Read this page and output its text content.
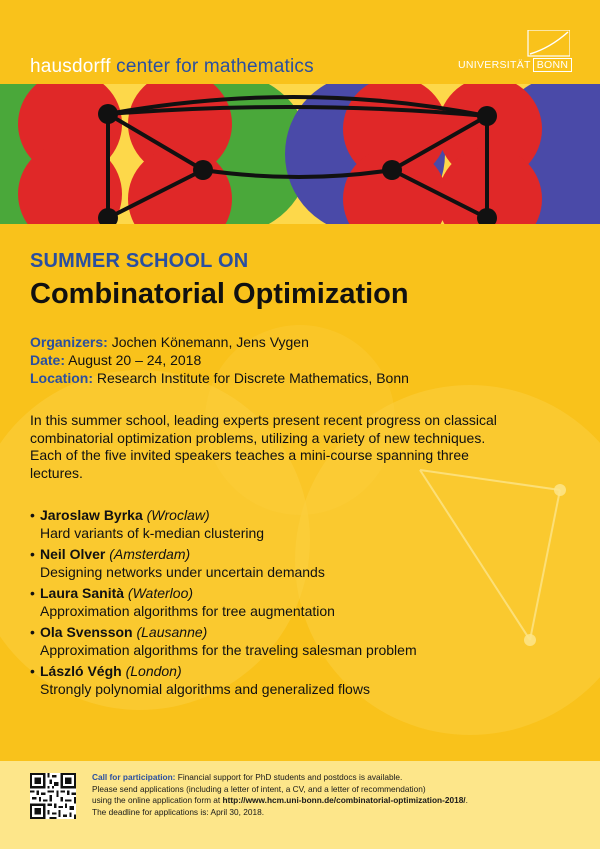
hausdorff center for mathematics	UNIVERSITÄT BONN
SUMMER SCHOOL ON
Combinatorial Optimization
Organizers: Jochen Könemann, Jens Vygen
Date: August 20 – 24, 2018
Location: Research Institute for Discrete Mathematics, Bonn
In this summer school, leading experts present recent progress on classical combinatorial optimization problems, utilizing a variety of new techniques. Each of the five invited speakers teaches a mini-course spanning three lectures.
• Jaroslaw Byrka (Wroclaw)
Hard variants of k-median clustering
• Neil Olver (Amsterdam)
Designing networks under uncertain demands
• Laura Sanità (Waterloo)
Approximation algorithms for tree augmentation
• Ola Svensson (Lausanne)
Approximation algorithms for the traveling salesman problem
• László Végh (London)
Strongly polynomial algorithms and generalized flows
Call for participation: Financial support for PhD students and postdocs is available.
Please send applications (including a letter of intent, a CV, and a letter of recommendation)
using the online application form at http://www.hcm.uni-bonn.de/combinatorial-optimization-2018/.
The deadline for applications is: April 30, 2018.
